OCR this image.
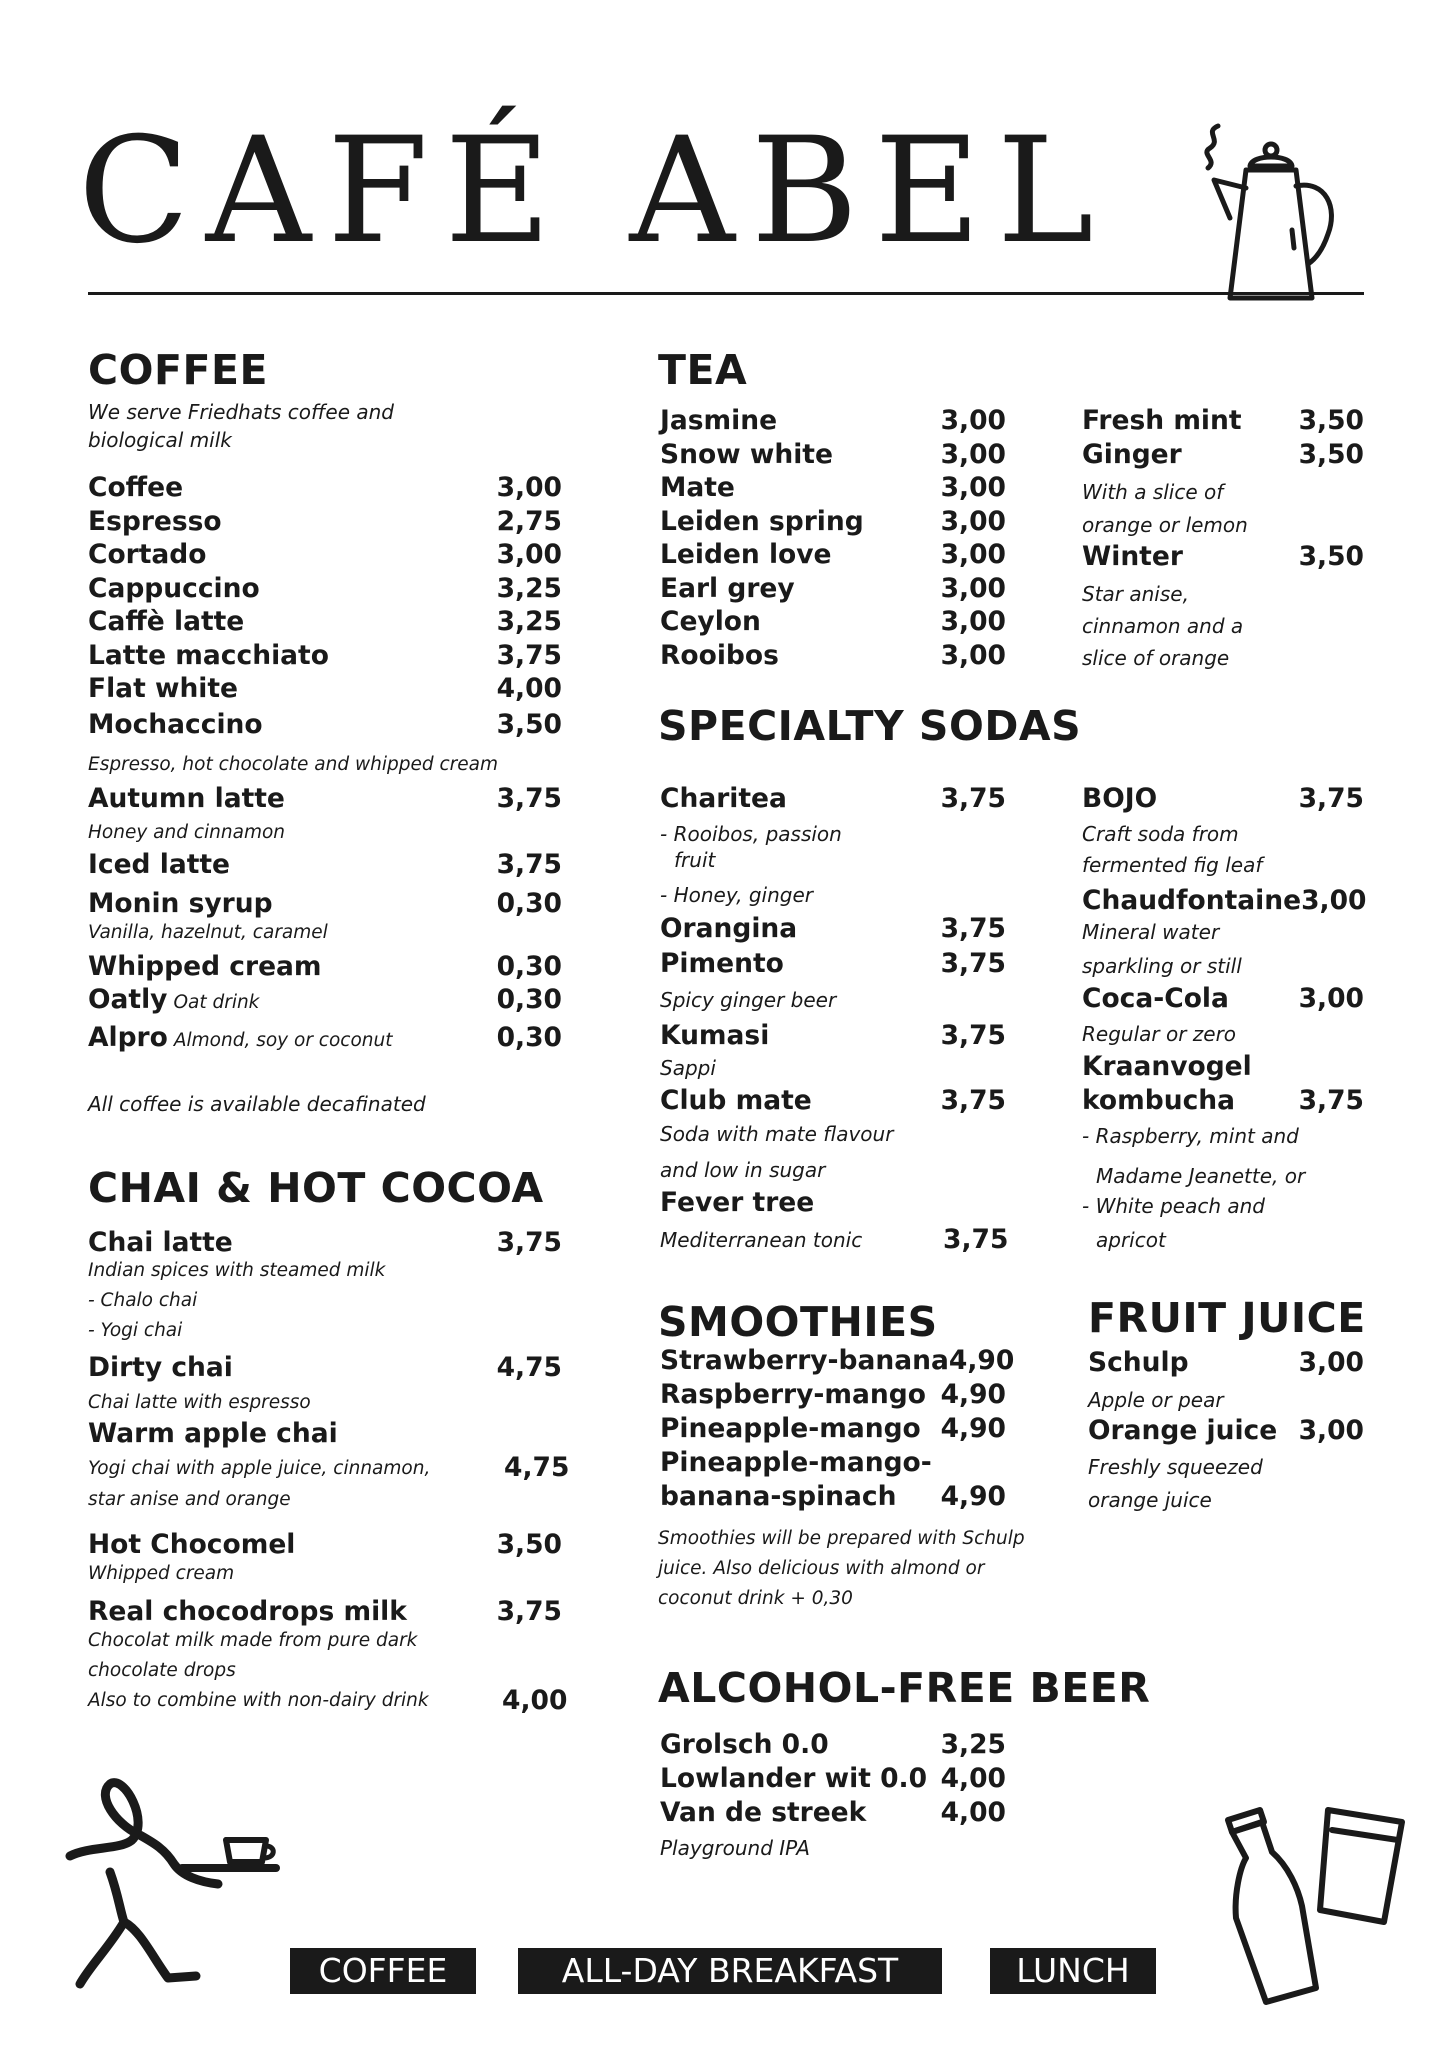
CAFÉ ABEL
COFFEE
We serve Friedhats coffee and
biological milk
Coffee	3,00
Espresso	2,75
Cortado	3,00
Cappuccino	3,25
Caffè latte	3,25
Latte macchiato	3,75
Flat white	4,00
Mochaccino	3,50
Espresso, hot chocolate and whipped cream
Autumn latte	3,75
Honey and cinnamon
Iced latte	3,75
Monin syrup	0,30
Vanilla, hazelnut, caramel
Whipped cream	0,30
Oatly Oat drink	0,30
Alpro Almond, soy or coconut	0,30
All coffee is available decafinated
CHAI & HOT COCOA
Chai latte	3,75
Indian spices with steamed milk
- Chalo chai
- Yogi chai
Dirty chai	4,75
Chai latte with espresso
Warm apple chai
Yogi chai with apple juice, cinnamon,	4,75
star anise and orange
Hot Chocomel	3,50
Whipped cream
Real chocodrops milk	3,75
Chocolat milk made from pure dark
chocolate drops
Also to combine with non-dairy drink	4,00
TEA
Jasmine	3,00
Snow white	3,00
Mate	3,00
Leiden spring	3,00
Leiden love	3,00
Earl grey	3,00
Ceylon	3,00
Rooibos	3,00
Fresh mint 3,50
Ginger	3,50
With a slice of
orange or lemon
Winter	3,50
Star anise,
cinnamon and a
slice of orange
SPECIALTY SODAS
Charitea	3,75
- Rooibos, passion
fruit
- Honey, ginger
Orangina	3,75
Pimento	3,75
Spicy ginger beer
Kumasi	3,75
Sappi
Club mate	3,75
Soda with mate flavour
and low in sugar
Fever tree
Mediterranean tonic	3,75
BOJO	3,75
Craft soda from
fermented fig leaf
Chaudfontaine 3,00
Mineral water
sparkling or still
Coca-Cola	3,00
Regular or zero
Kraanvogel
kombucha 3,75
- Raspberry, mint and
Madame Jeanette, or
- White peach and
apricot
SMOOTHIES
Strawberry-banana 4,90
Raspberry-mango 4,90
Pineapple-mango 4,90
Pineapple-mango-
banana-spinach 4,90
Smoothies will be prepared with Schulp
juice. Also delicious with almond or
coconut drink + 0,30
FRUIT JUICE
Schulp	3,00
Apple or pear
Orange juice 3,00
Freshly squeezed
orange juice
ALCOHOL-FREE BEER
Grolsch 0.0	3,25
Lowlander wit 0.0 4,00
Van de streek	4,00
Playground IPA
COFFEE	ALL-DAY BREAKFAST	LUNCH
